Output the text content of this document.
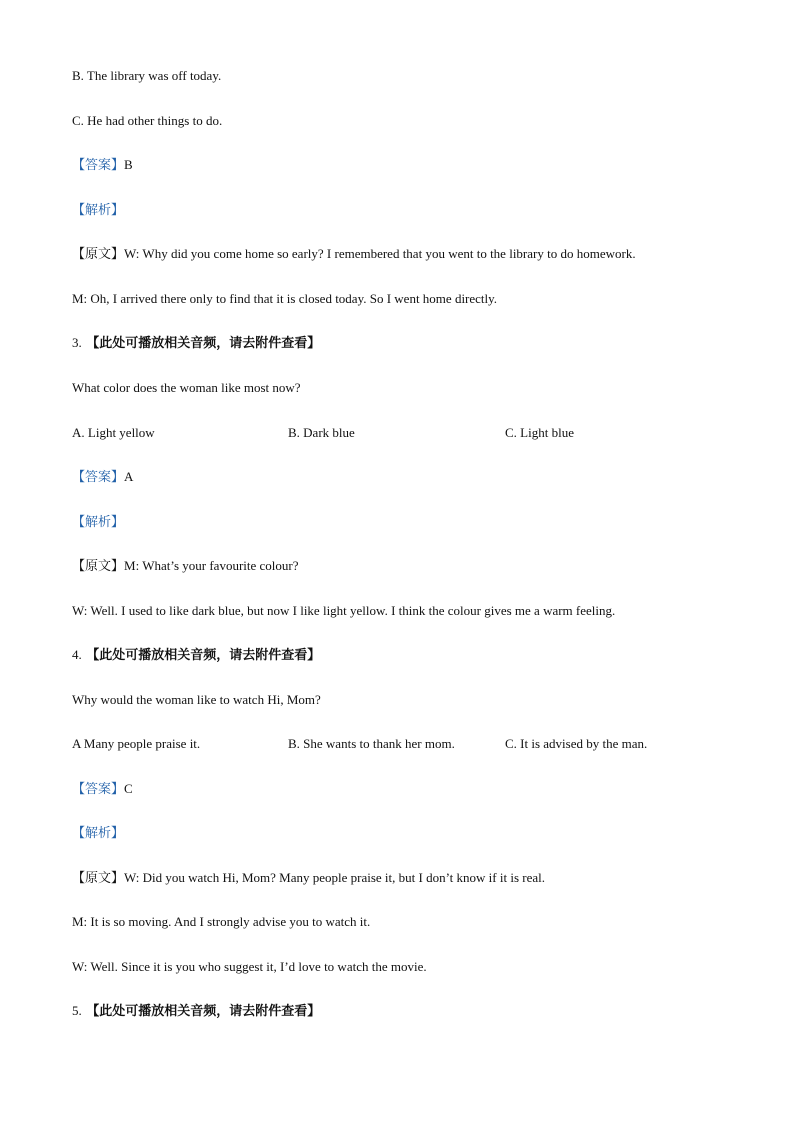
B. The library was off today.
C. He had other things to do.
【答案】B
【解析】
【原文】W: Why did you come home so early? I remembered that you went to the library to do homework.
M: Oh, I arrived there only to find that it is closed today. So I went home directly.
3. 【此处可播放相关音频，请去附件查看】
What color does the woman like most now?
A. Light yellow	B. Dark blue	C. Light blue
【答案】A
【解析】
【原文】M: What’s your favourite colour?
W: Well. I used to like dark blue, but now I like light yellow. I think the colour gives me a warm feeling.
4. 【此处可播放相关音频，请去附件查看】
Why would the woman like to watch Hi, Mom?
A Many people praise it.	B. She wants to thank her mom.	C. It is advised by the man.
【答案】C
【解析】
【原文】W: Did you watch Hi, Mom? Many people praise it, but I don’t know if it is real.
M: It is so moving. And I strongly advise you to watch it.
W: Well. Since it is you who suggest it, I’d love to watch the movie.
5. 【此处可播放相关音频，请去附件查看】
